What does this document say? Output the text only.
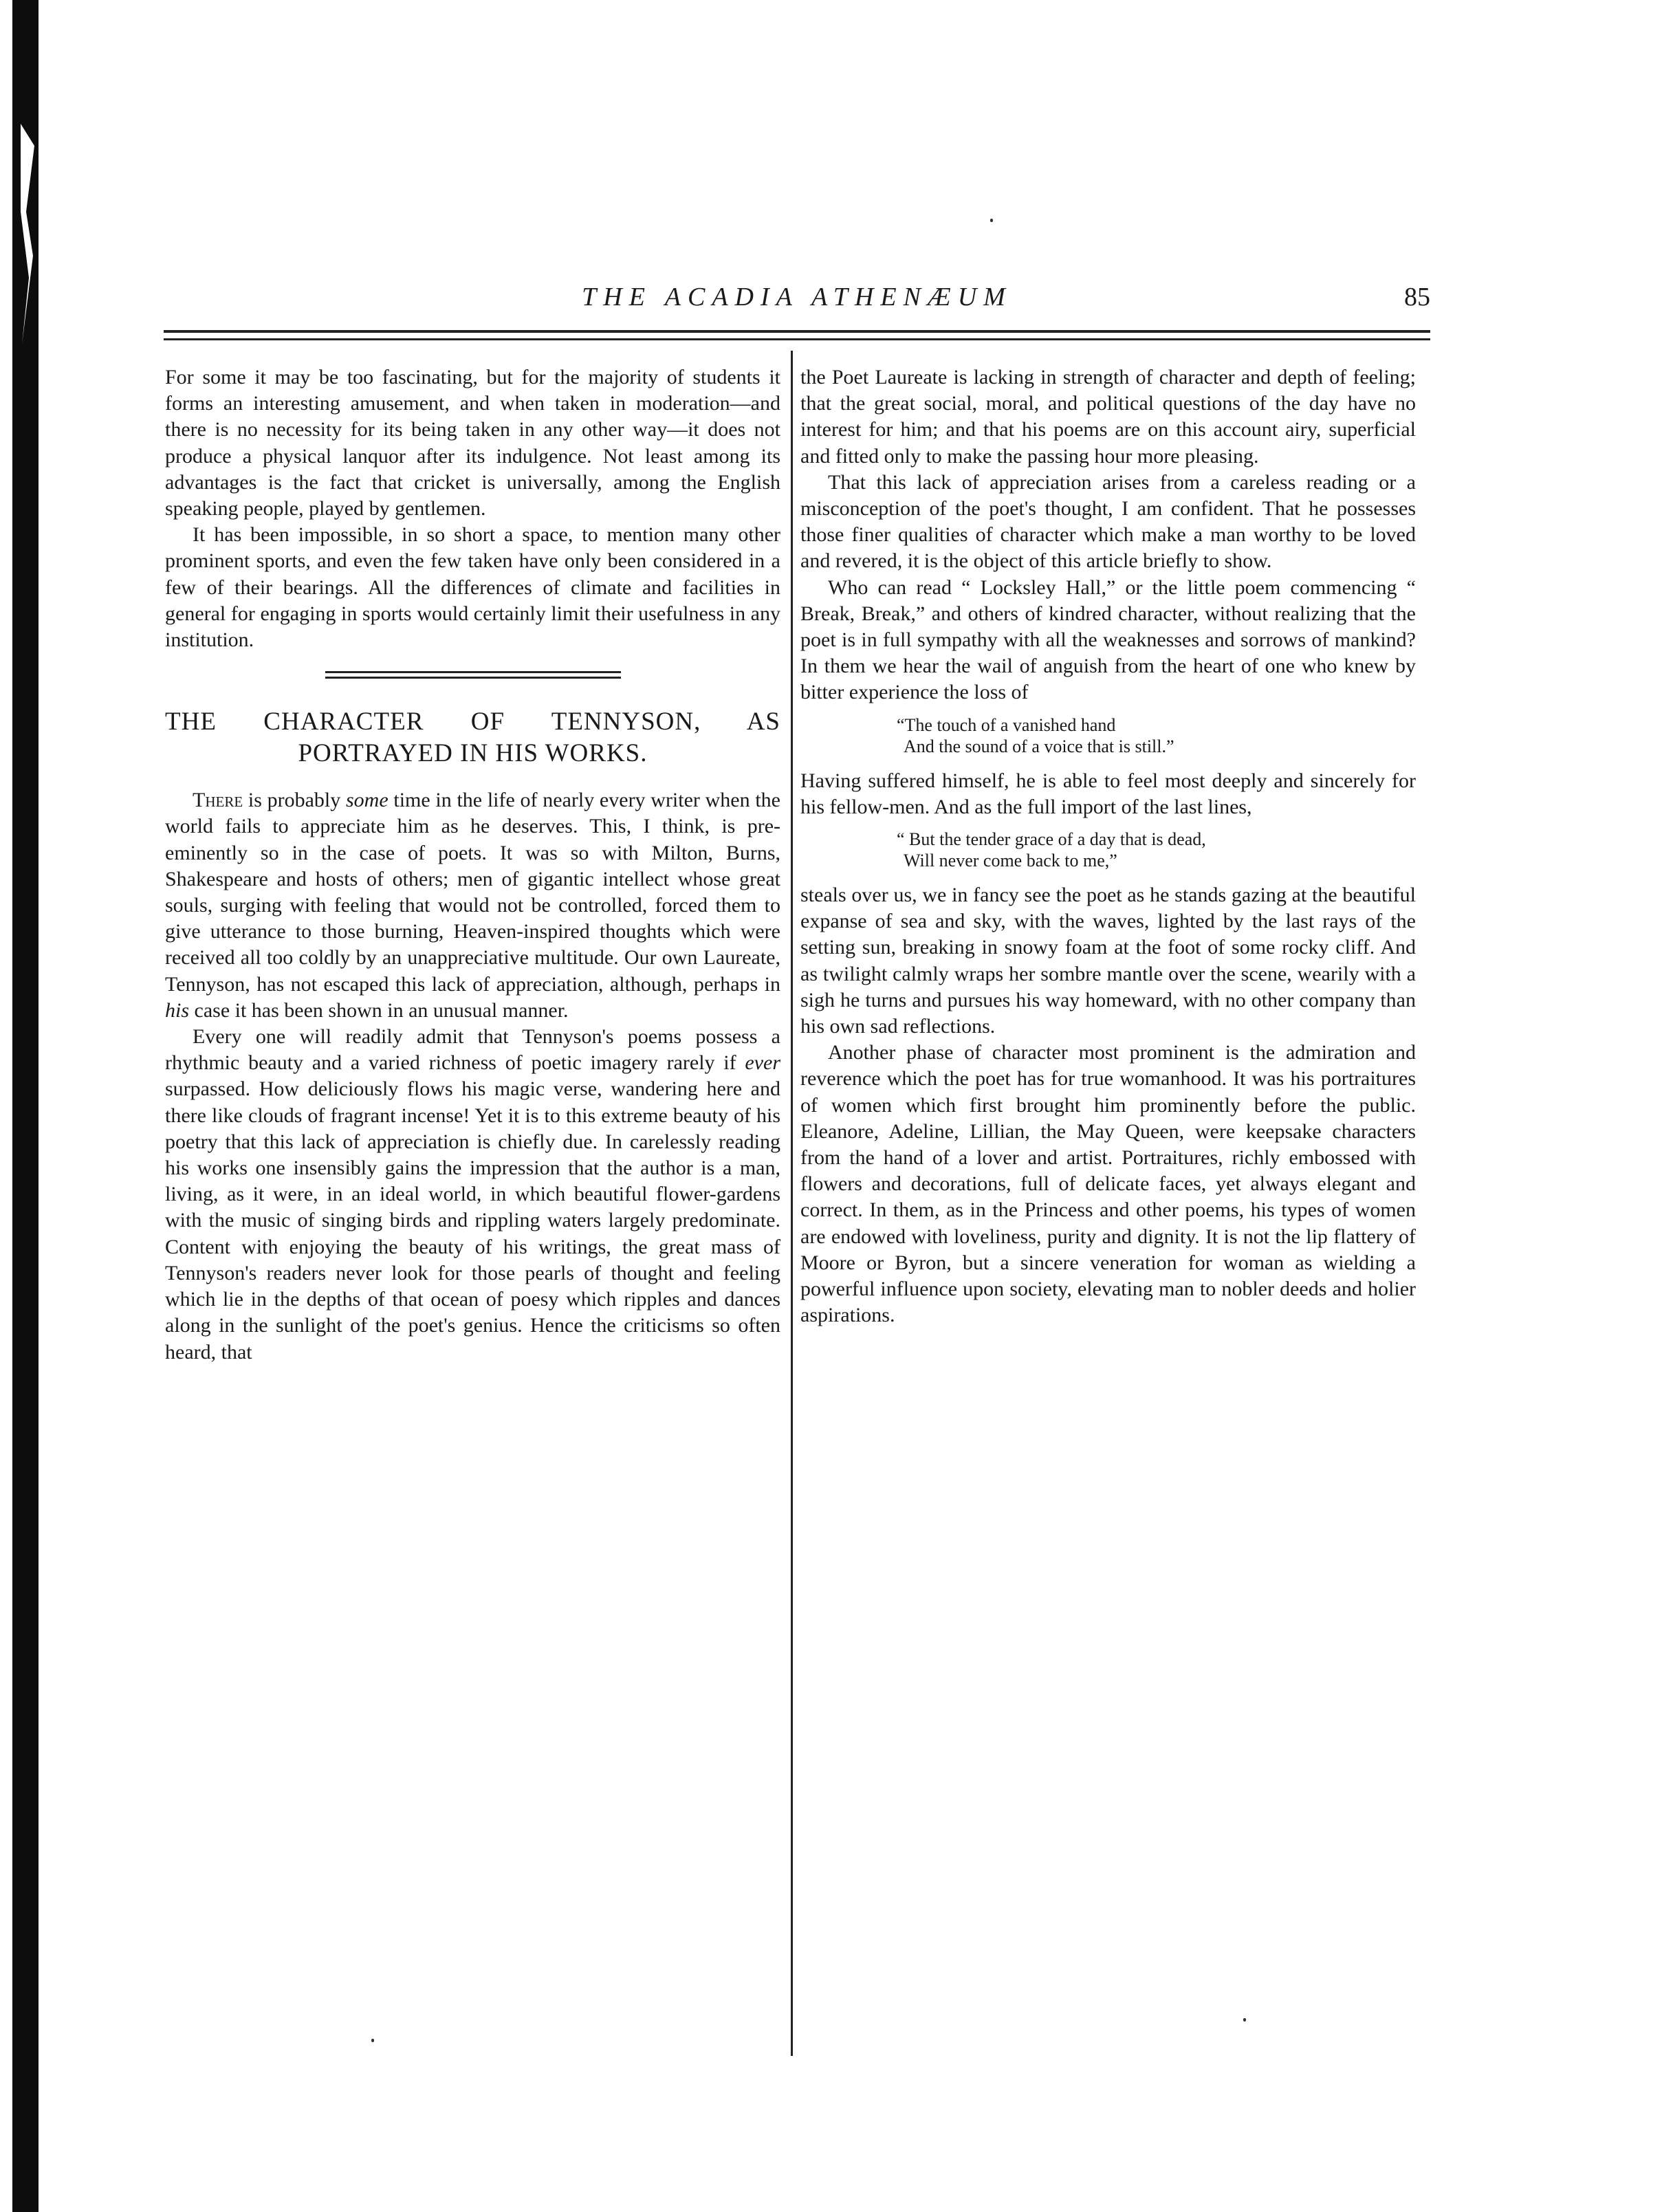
THE ACADIA ATHENÆUM	85

For some it may be too fascinating, but for the majority of students it forms an interesting amusement, and when taken in moderation—and there is no necessity for its being taken in any other way—it does not produce a physical lanquor after its indulgence. Not least among its advantages is the fact that cricket is universally, among the English speaking people, played by gentlemen.

It has been impossible, in so short a space, to mention many other prominent sports, and even the few taken have only been considered in a few of their bearings. All the differences of climate and facilities in general for engaging in sports would certainly limit their usefulness in any institution.

THE CHARACTER OF TENNYSON, AS
PORTRAYED IN HIS WORKS.

There is probably some time in the life of nearly every writer when the world fails to appreciate him as he deserves. This, I think, is pre-eminently so in the case of poets. It was so with Milton, Burns, Shakespeare and hosts of others; men of gigantic intellect whose great souls, surging with feeling that would not be controlled, forced them to give utterance to those burning, Heaven-inspired thoughts which were received all too coldly by an unappreciative multitude. Our own Laureate, Tennyson, has not escaped this lack of appreciation, although, perhaps in his case it has been shown in an unusual manner.

Every one will readily admit that Tennyson's poems possess a rhythmic beauty and a varied richness of poetic imagery rarely if ever surpassed. How deliciously flows his magic verse, wandering here and there like clouds of fragrant incense! Yet it is to this extreme beauty of his poetry that this lack of appreciation is chiefly due. In carelessly reading his works one insensibly gains the impression that the author is a man, living, as it were, in an ideal world, in which beautiful flower-gardens with the music of singing birds and rippling waters largely predominate. Content with enjoying the beauty of his writings, the great mass of Tennyson's readers never look for those pearls of thought and feeling which lie in the depths of that ocean of poesy which ripples and dances along in the sunlight of the poet's genius. Hence the criticisms so often heard, that

the Poet Laureate is lacking in strength of character and depth of feeling; that the great social, moral, and political questions of the day have no interest for him; and that his poems are on this account airy, superficial and fitted only to make the passing hour more pleasing.

That this lack of appreciation arises from a careless reading or a misconception of the poet's thought, I am confident. That he possesses those finer qualities of character which make a man worthy to be loved and revered, it is the object of this article briefly to show.

Who can read “ Locksley Hall,” or the little poem commencing “ Break, Break,” and others of kindred character, without realizing that the poet is in full sympathy with all the weaknesses and sorrows of mankind? In them we hear the wail of anguish from the heart of one who knew by bitter experience the loss of

“The touch of a vanished hand
And the sound of a voice that is still.”

Having suffered himself, he is able to feel most deeply and sincerely for his fellow-men. And as the full import of the last lines,

“ But the tender grace of a day that is dead,
Will never come back to me,”

steals over us, we in fancy see the poet as he stands gazing at the beautiful expanse of sea and sky, with the waves, lighted by the last rays of the setting sun, breaking in snowy foam at the foot of some rocky cliff. And as twilight calmly wraps her sombre mantle over the scene, wearily with a sigh he turns and pursues his way homeward, with no other company than his own sad reflections.

Another phase of character most prominent is the admiration and reverence which the poet has for true womanhood. It was his portraitures of women which first brought him prominently before the public. Eleanore, Adeline, Lillian, the May Queen, were keepsake characters from the hand of a lover and artist. Portraitures, richly embossed with flowers and decorations, full of delicate faces, yet always elegant and correct. In them, as in the Princess and other poems, his types of women are endowed with loveliness, purity and dignity. It is not the lip flattery of Moore or Byron, but a sincere veneration for woman as wielding a powerful influence upon society, elevating man to nobler deeds and holier aspirations.
